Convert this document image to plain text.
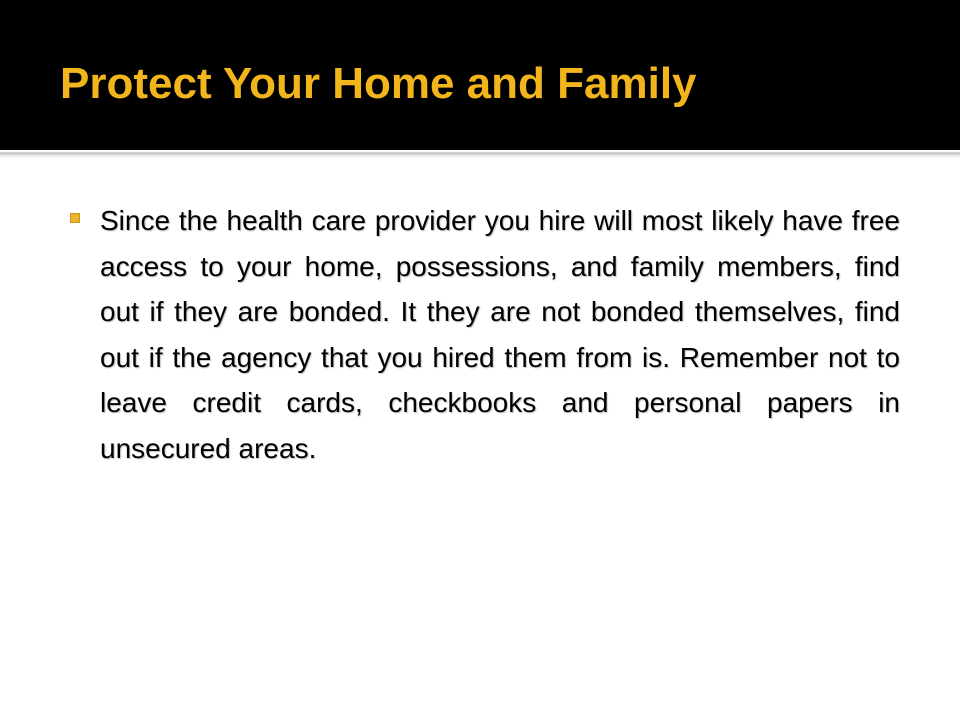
Protect Your Home and Family

Since the health care provider you hire will most likely have free access to your home, possessions, and family members, find out if they are bonded. It they are not bonded themselves, find out if the agency that you hired them from is. Remember not to leave credit cards, checkbooks and personal papers in unsecured areas.
